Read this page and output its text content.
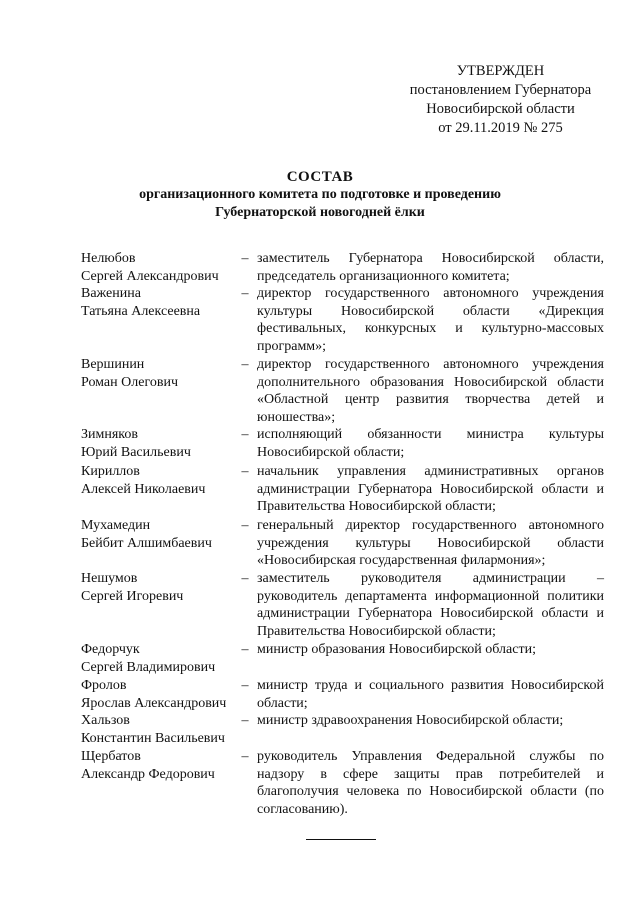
УТВЕРЖДЕН
постановлением Губернатора
Новосибирской области
от 29.11.2019 № 275
СОСТАВ
организационного комитета по подготовке и проведению
Губернаторской новогодней ёлки
Нелюбов
Сергей Александрович
– заместитель Губернатора Новосибирской области, председатель организационного комитета;
Важенина
Татьяна Алексеевна
– директор государственного автономного учреждения культуры Новосибирской области «Дирекция фестивальных, конкурсных и культурно-массовых программ»;
Вершинин
Роман Олегович
– директор государственного автономного учреждения дополнительного образования Новосибирской области «Областной центр развития творчества детей и юношества»;
Зимняков
Юрий Васильевич
– исполняющий обязанности министра культуры Новосибирской области;
Кириллов
Алексей Николаевич
– начальник управления административных органов администрации Губернатора Новосибирской области и Правительства Новосибирской области;
Мухамедин
Бейбит Алшимбаевич
– генеральный директор государственного автономного учреждения культуры Новосибирской области «Новосибирская государственная филармония»;
Нешумов
Сергей Игоревич
– заместитель руководителя администрации – руководитель департамента информационной политики администрации Губернатора Новосибирской области и Правительства Новосибирской области;
Федорчук
Сергей Владимирович
– министр образования Новосибирской области;
Фролов
Ярослав Александрович
– министр труда и социального развития Новосибирской области;
Хальзов
Константин Васильевич
– министр здравоохранения Новосибирской области;
Щербатов
Александр Федорович
– руководитель Управления Федеральной службы по надзору в сфере защиты прав потребителей и благополучия человека по Новосибирской области (по согласованию).
